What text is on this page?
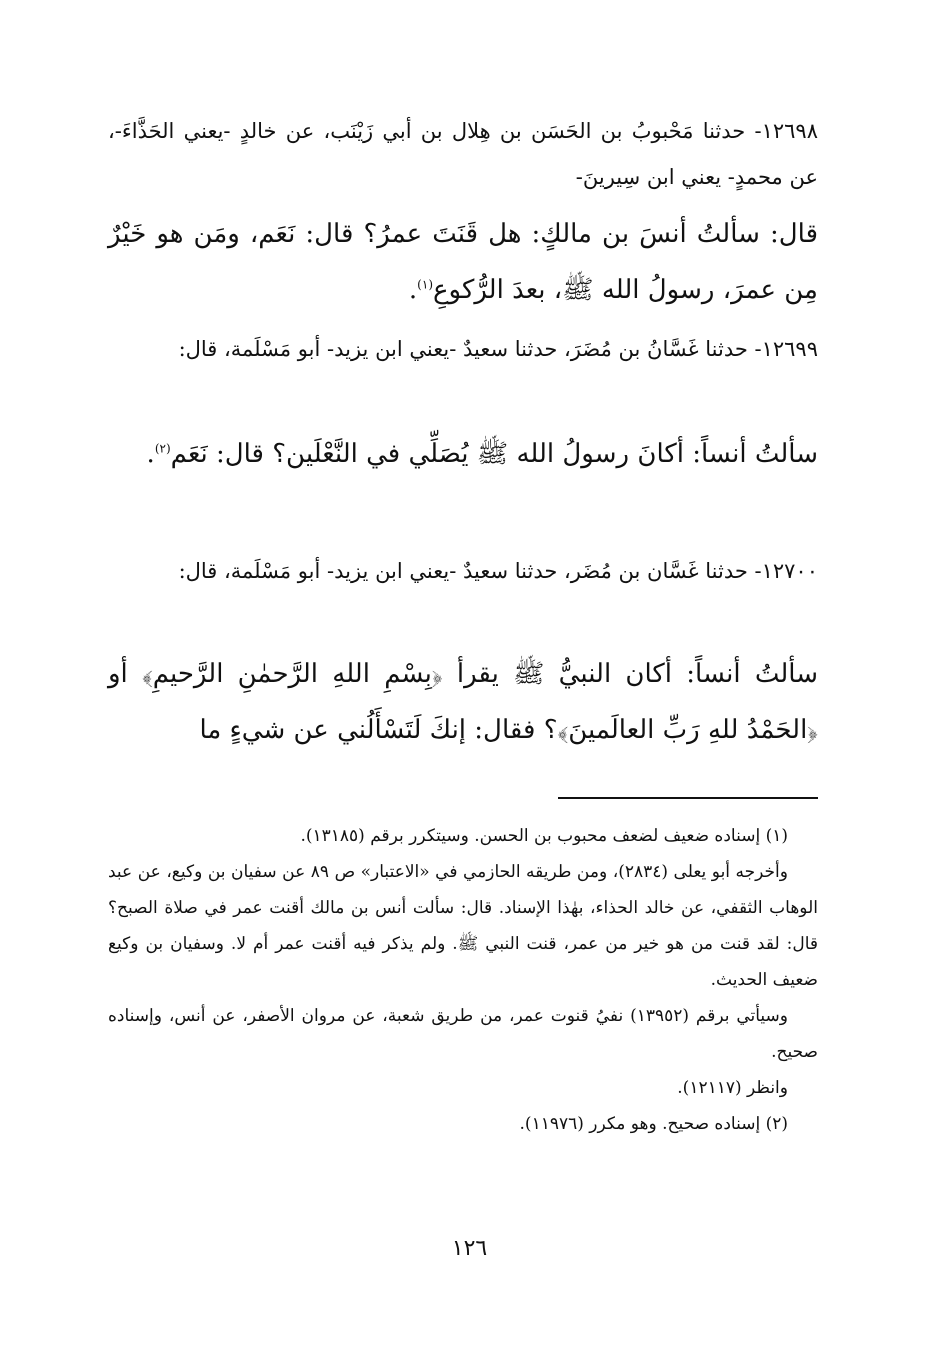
١٢٦٩٨- حدثنا مَحْبوبُ بن الحَسَن بن هِلال بن أبي زَيْنَب، عن خالدٍ -يعني الحَذَّاءَ-، عن محمدٍ- يعني ابن سِيرينَ-
قال: سألتُ أنسَ بن مالكٍ: هل قَنَتَ عمرُ؟ قال: نَعَم، ومَن هو خَيْرٌ مِن عمرَ، رسولُ الله ﷺ، بعدَ الرُّكوعِ$^{(١)}$.
١٢٦٩٩- حدثنا غَسَّانُ بن مُضَرَ، حدثنا سعيدٌ -يعني ابن يزيد- أبو مَسْلَمة، قال:
سألتُ أنساً: أكانَ رسولُ الله ﷺ يُصَلِّي في النَّعْلَين؟ قال: نَعَم$^{(٢)}$.
١٢٧٠٠- حدثنا غَسَّان بن مُضَر، حدثنا سعيدٌ -يعني ابن يزيد- أبو مَسْلَمة، قال:
سألتُ أنساً: أكان النبيُّ ﷺ يقرأ ﴿بِسْمِ اللهِ الرَّحمٰنِ الرَّحيمِ﴾ أو ﴿الحَمْدُ للهِ رَبِّ العالَمينَ﴾؟ فقال: إنكَ لَتَسْأَلُني عن شيءٍ ما
(١) إسناده ضعيف لضعف محبوب بن الحسن. وسيتكرر برقم (١٣١٨٥).
وأخرجه أبو يعلى (٢٨٣٤)، ومن طريقه الحازمي في «الاعتبار» ص ٨٩ عن سفيان بن وكيع، عن عبد الوهاب الثقفي، عن خالد الحذاء، بهٰذا الإسناد. قال: سألت أنس بن مالك أقنت عمر في صلاة الصبح؟ قال: لقد قنت من هو خير من عمر، قنت النبي ﷺ. ولم يذكر فيه أقنت عمر أم لا. وسفيان بن وكيع ضعيف الحديث.
وسيأتي برقم (١٣٩٥٢) نفيُ قنوت عمر، من طريق شعبة، عن مروان الأصفر، عن أنس، وإسناده صحيح.
وانظر (١٢١١٧).
(٢) إسناده صحيح. وهو مكرر (١١٩٧٦).
١٢٦
